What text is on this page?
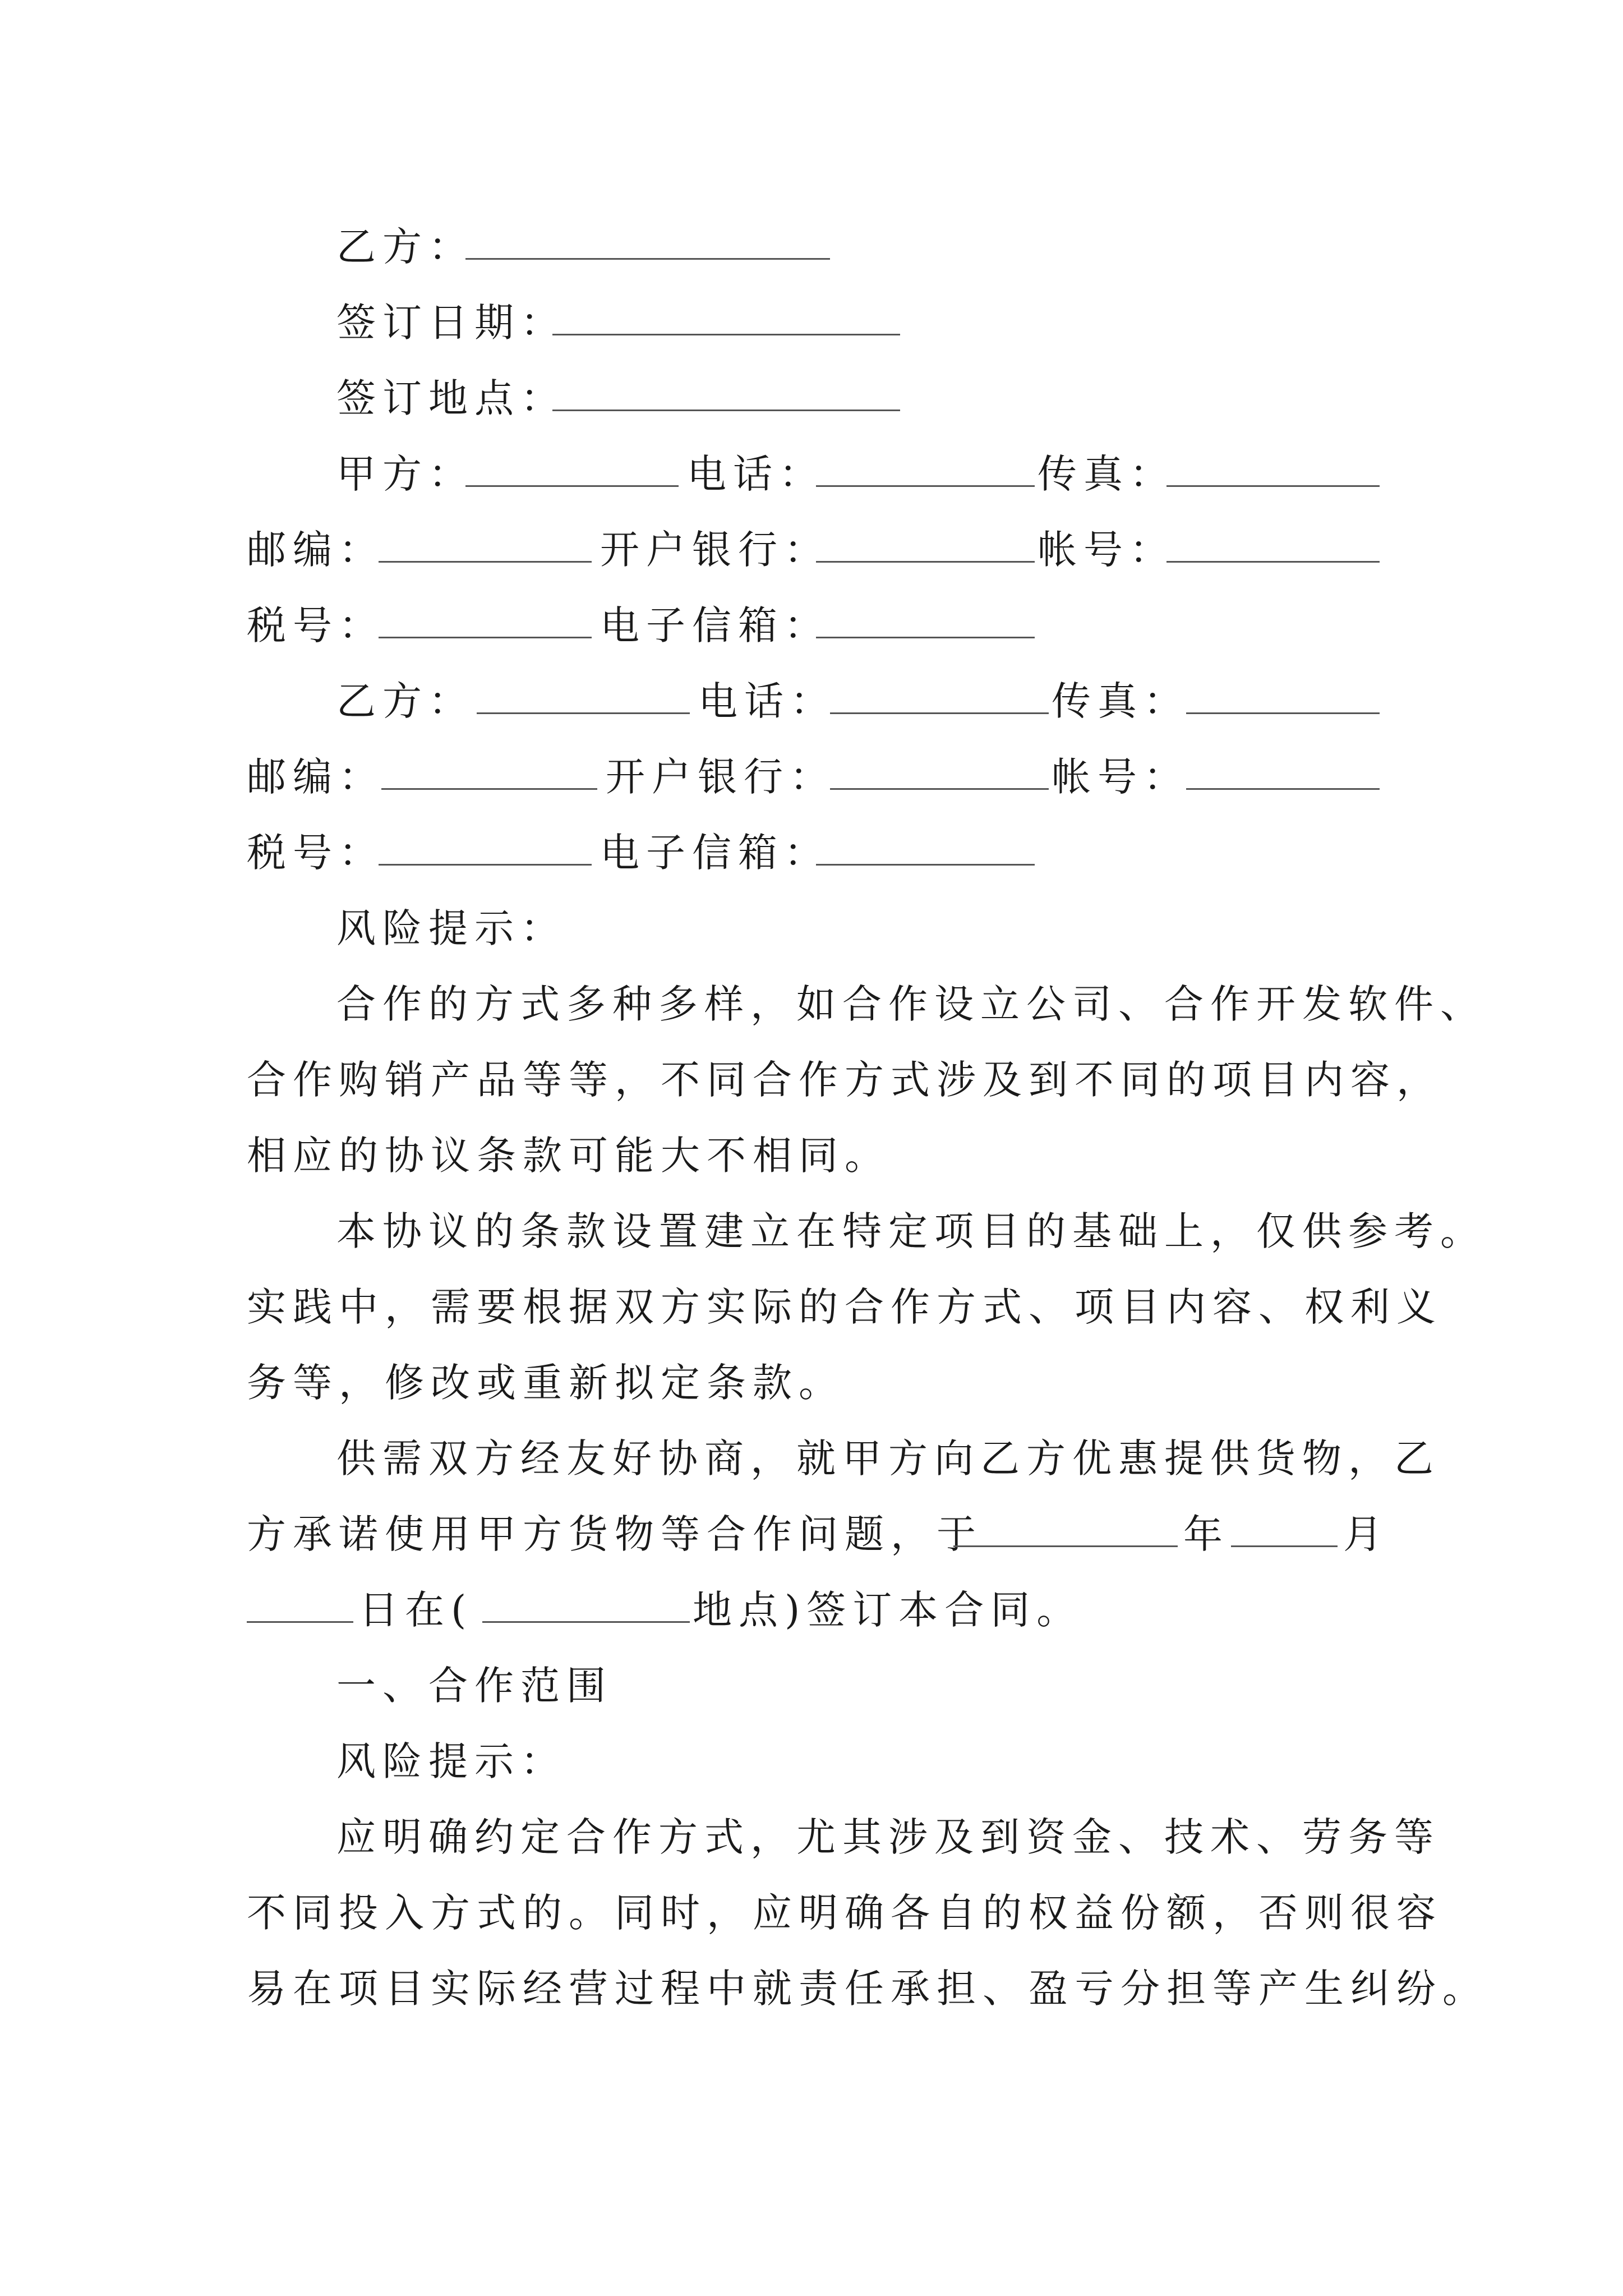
乙方：
签订日期：
签订地点：
甲方：	电话：	传真：
邮编：	开户银行：	帐号：
税号：	电子信箱：
乙方：	电话：	传真：
邮编：	开户银行：	帐号：
税号：	电子信箱：
风险提示：
合作的方式多种多样，如合作设立公司、合作开发软件、
合作购销产品等等，不同合作方式涉及到不同的项目内容，
相应的协议条款可能大不相同。
本协议的条款设置建立在特定项目的基础上，仅供参考。
实践中，需要根据双方实际的合作方式、项目内容、权利义
务等，修改或重新拟定条款。
供需双方经友好协商，就甲方向乙方优惠提供货物，乙
方承诺使用甲方货物等合作问题，于	年	月
日在(	地点)签订本合同。
一、合作范围
风险提示：
应明确约定合作方式，尤其涉及到资金、技术、劳务等
不同投入方式的。同时，应明确各自的权益份额，否则很容
易在项目实际经营过程中就责任承担、盈亏分担等产生纠纷。
